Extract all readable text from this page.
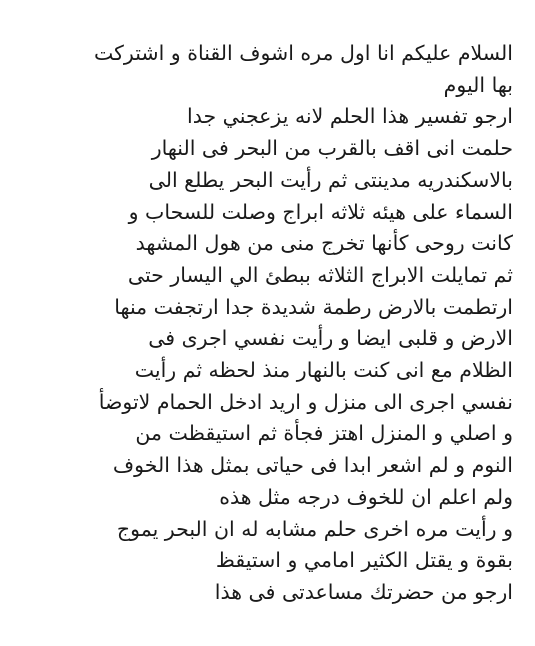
السلام عليكم انا اول مره اشوف القناة و اشتركت
بها اليوم
ارجو تفسير هذا الحلم لانه يزعجني جدا
حلمت انى اقف بالقرب من البحر فى النهار
بالاسكندريه مدينتى ثم رأيت البحر يطلع الى
السماء على هيئه ثلاثه ابراج وصلت للسحاب و
كانت روحى كأنها تخرج منى من هول المشهد
ثم تمايلت الابراج الثلاثه ببطئ الي اليسار حتى
ارتطمت بالارض رطمة شديدة جدا ارتجفت منها
الارض و قلبى ايضا و رأيت نفسي اجرى فى
الظلام مع انى كنت بالنهار منذ لحظه ثم رأيت
نفسي اجرى الى منزل و اريد ادخل الحمام لاتوضأ
و اصلي و المنزل اهتز فجأة ثم استيقظت من
النوم و لم اشعر ابدا فى حياتى بمثل هذا الخوف
ولم اعلم ان للخوف درجه مثل هذه
و رأيت مره اخرى حلم مشابه له ان البحر يموج
بقوة و يقتل الكثير امامي و استيقظ
ارجو من حضرتك مساعدتى فى هذا
